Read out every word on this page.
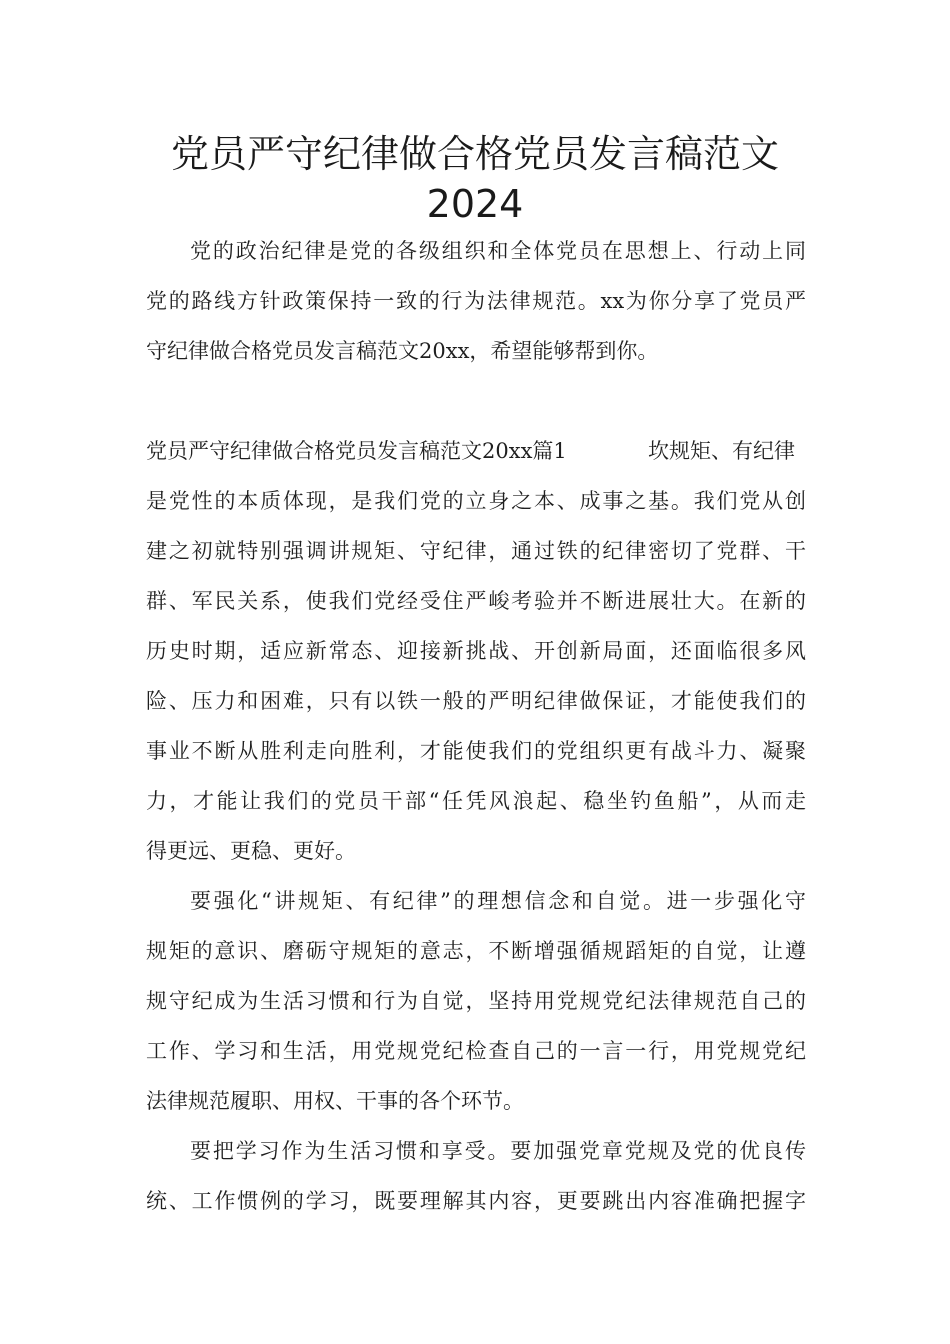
党员严守纪律做合格党员发言稿范文
2024
党的政治纪律是党的各级组织和全体党员在思想上、行动上同
党的路线方针政策保持一致的行为法律规范。xx为你分享了党员严
守纪律做合格党员发言稿范文20xx，希望能够帮到你。
党员严守纪律做合格党员发言稿范文20xx篇1	坎规矩、有纪律
是党性的本质体现，是我们党的立身之本、成事之基。我们党从创
建之初就特别强调讲规矩、守纪律，通过铁的纪律密切了党群、干
群、军民关系，使我们党经受住严峻考验并不断进展壮大。在新的
历史时期，适应新常态、迎接新挑战、开创新局面，还面临很多风
险、压力和困难，只有以铁一般的严明纪律做保证，才能使我们的
事业不断从胜利走向胜利，才能使我们的党组织更有战斗力、凝聚
力，才能让我们的党员干部“任凭风浪起、稳坐钓鱼船”，从而走
得更远、更稳、更好。
要强化“讲规矩、有纪律”的理想信念和自觉。进一步强化守
规矩的意识、磨砺守规矩的意志，不断增强循规蹈矩的自觉，让遵
规守纪成为生活习惯和行为自觉，坚持用党规党纪法律规范自己的
工作、学习和生活，用党规党纪检查自己的一言一行，用党规党纪
法律规范履职、用权、干事的各个环节。
要把学习作为生活习惯和享受。要加强党章党规及党的优良传
统、工作惯例的学习，既要理解其内容，更要跳出内容准确把握字
